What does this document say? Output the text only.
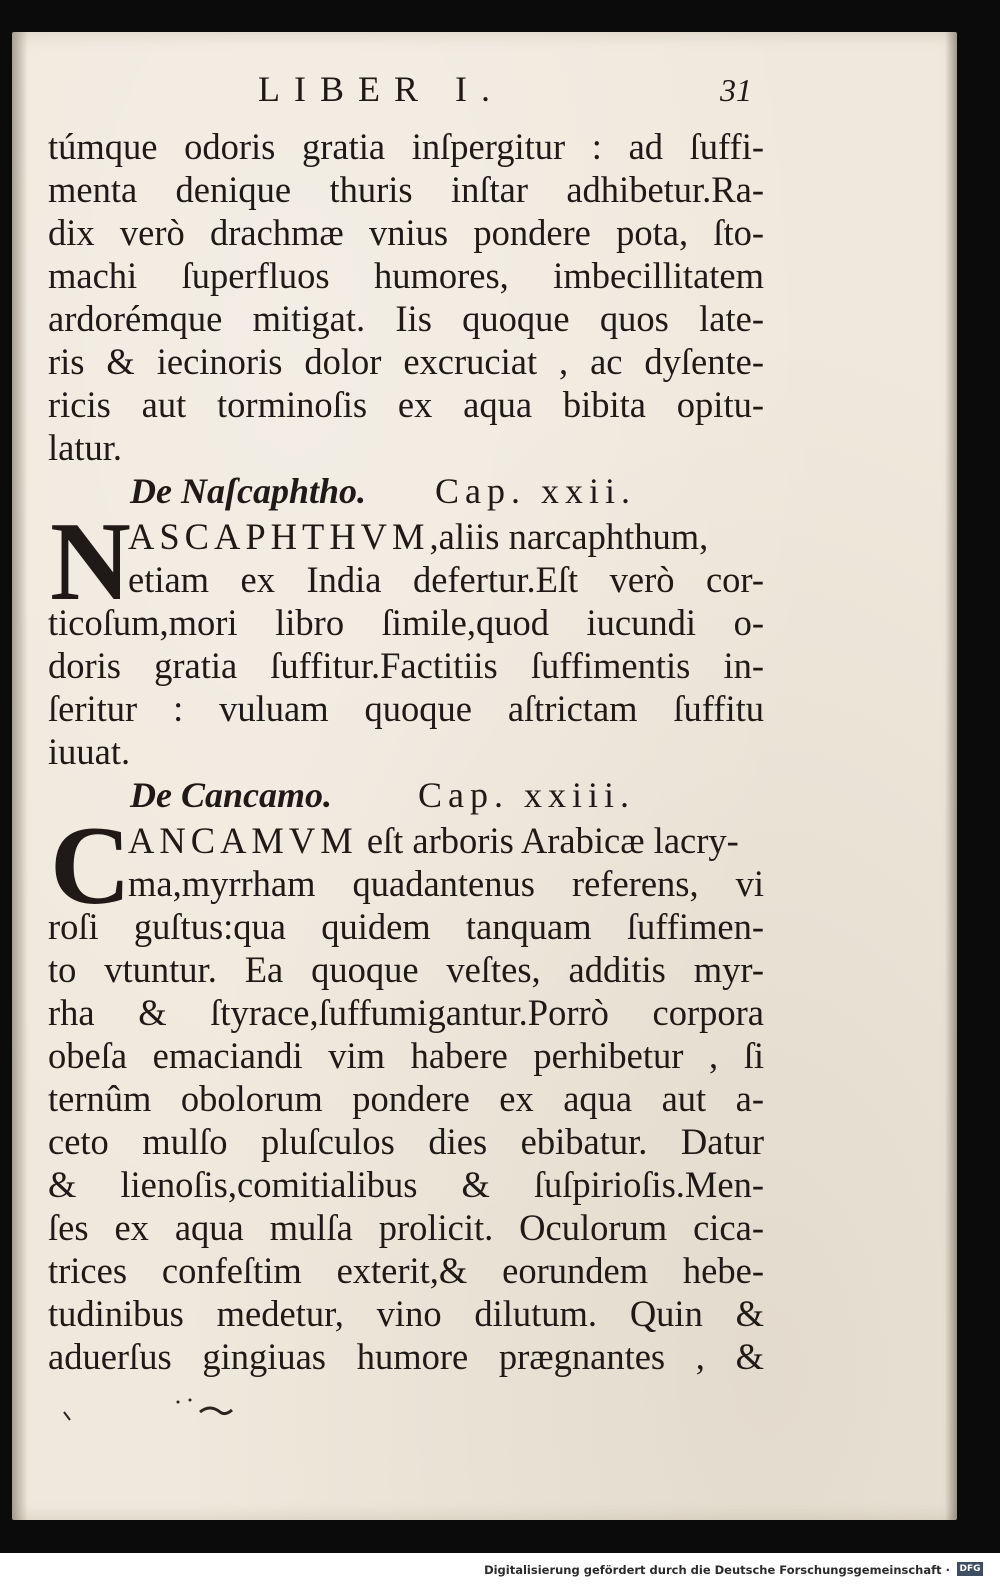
LIBER I.	31
túmque odoris gratia inſpergitur : ad ſuffi-
menta denique thuris inſtar adhibetur.Ra-
dix verò drachmæ vnius pondere pota, ſto-
machi ſuperfluos humores, imbecillitatem
ardorémque mitigat. Iis quoque quos late-
ris & iecinoris dolor excruciat , ac dyſente-
ricis aut torminoſis ex aqua bibita opitu-
latur.
De Naſcaphtho. Cap. xxii.
N
ASCAPHTHVM,aliis narcaphthum,
etiam ex India defertur.Eſt verò cor-
ticoſum,mori libro ſimile,quod iucundi o-
doris gratia ſuffitur.Factitiis ſuffimentis in-
ſeritur : vuluam quoque aſtrictam ſuffitu
iuuat.
De Cancamo. Cap. xxiii.
C
ANCAMVM eſt arboris Arabicæ lacry-
ma,myrrham quadantenus referens, vi
roſi guſtus:qua quidem tanquam ſuffimen-
to vtuntur. Ea quoque veſtes, additis myr-
rha & ſtyrace,ſuffumigantur.Porrò corpora
obeſa emaciandi vim habere perhibetur , ſi
ternûm obolorum pondere ex aqua aut a-
ceto mulſo pluſculos dies ebibatur. Datur
& lienoſis,comitialibus & ſuſpirioſis.Men-
ſes ex aqua mulſa prolicit. Oculorum cica-
trices confeſtim exterit,& eorundem hebe-
tudinibus medetur, vino dilutum. Quin &
aduerſus gingiuas humore prægnantes , &
Digitalisierung gefördert durch die Deutsche Forschungsgemeinschaft · DFG
